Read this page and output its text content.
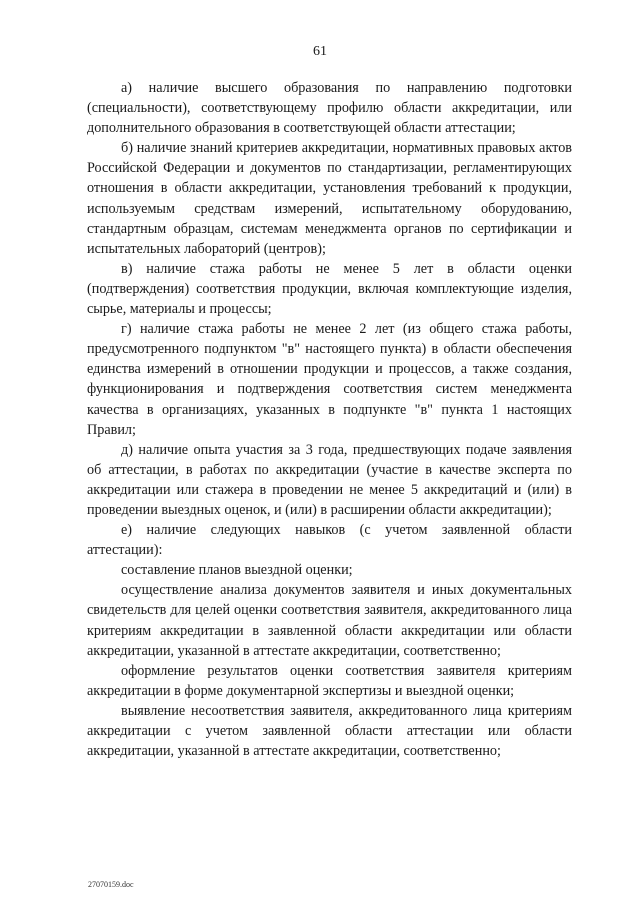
61

а) наличие высшего образования по направлению подготовки (специальности), соответствующему профилю области аккредитации, или дополнительного образования в соответствующей области аттестации;

б) наличие знаний критериев аккредитации, нормативных правовых актов Российской Федерации и документов по стандартизации, регламентирующих отношения в области аккредитации, установления требований к продукции, используемым средствам измерений, испытательному оборудованию, стандартным образцам, системам менеджмента органов по сертификации и испытательных лабораторий (центров);

в) наличие стажа работы не менее 5 лет в области оценки (подтверждения) соответствия продукции, включая комплектующие изделия, сырье, материалы и процессы;

г) наличие стажа работы не менее 2 лет (из общего стажа работы, предусмотренного подпунктом "в" настоящего пункта) в области обеспечения единства измерений в отношении продукции и процессов, а также создания, функционирования и подтверждения соответствия систем менеджмента качества в организациях, указанных в подпункте "в" пункта 1 настоящих Правил;

д) наличие опыта участия за 3 года, предшествующих подаче заявления об аттестации, в работах по аккредитации (участие в качестве эксперта по аккредитации или стажера в проведении не менее 5 аккредитаций и (или) в проведении выездных оценок, и (или) в расширении области аккредитации);

е) наличие следующих навыков (с учетом заявленной области аттестации):

составление планов выездной оценки;

осуществление анализа документов заявителя и иных документальных свидетельств для целей оценки соответствия заявителя, аккредитованного лица критериям аккредитации в заявленной области аккредитации или области аккредитации, указанной в аттестате аккредитации, соответственно;

оформление результатов оценки соответствия заявителя критериям аккредитации в форме документарной экспертизы и выездной оценки;

выявление несоответствия заявителя, аккредитованного лица критериям аккредитации с учетом заявленной области аттестации или области аккредитации, указанной в аттестате аккредитации, соответственно;

27070159.doc
